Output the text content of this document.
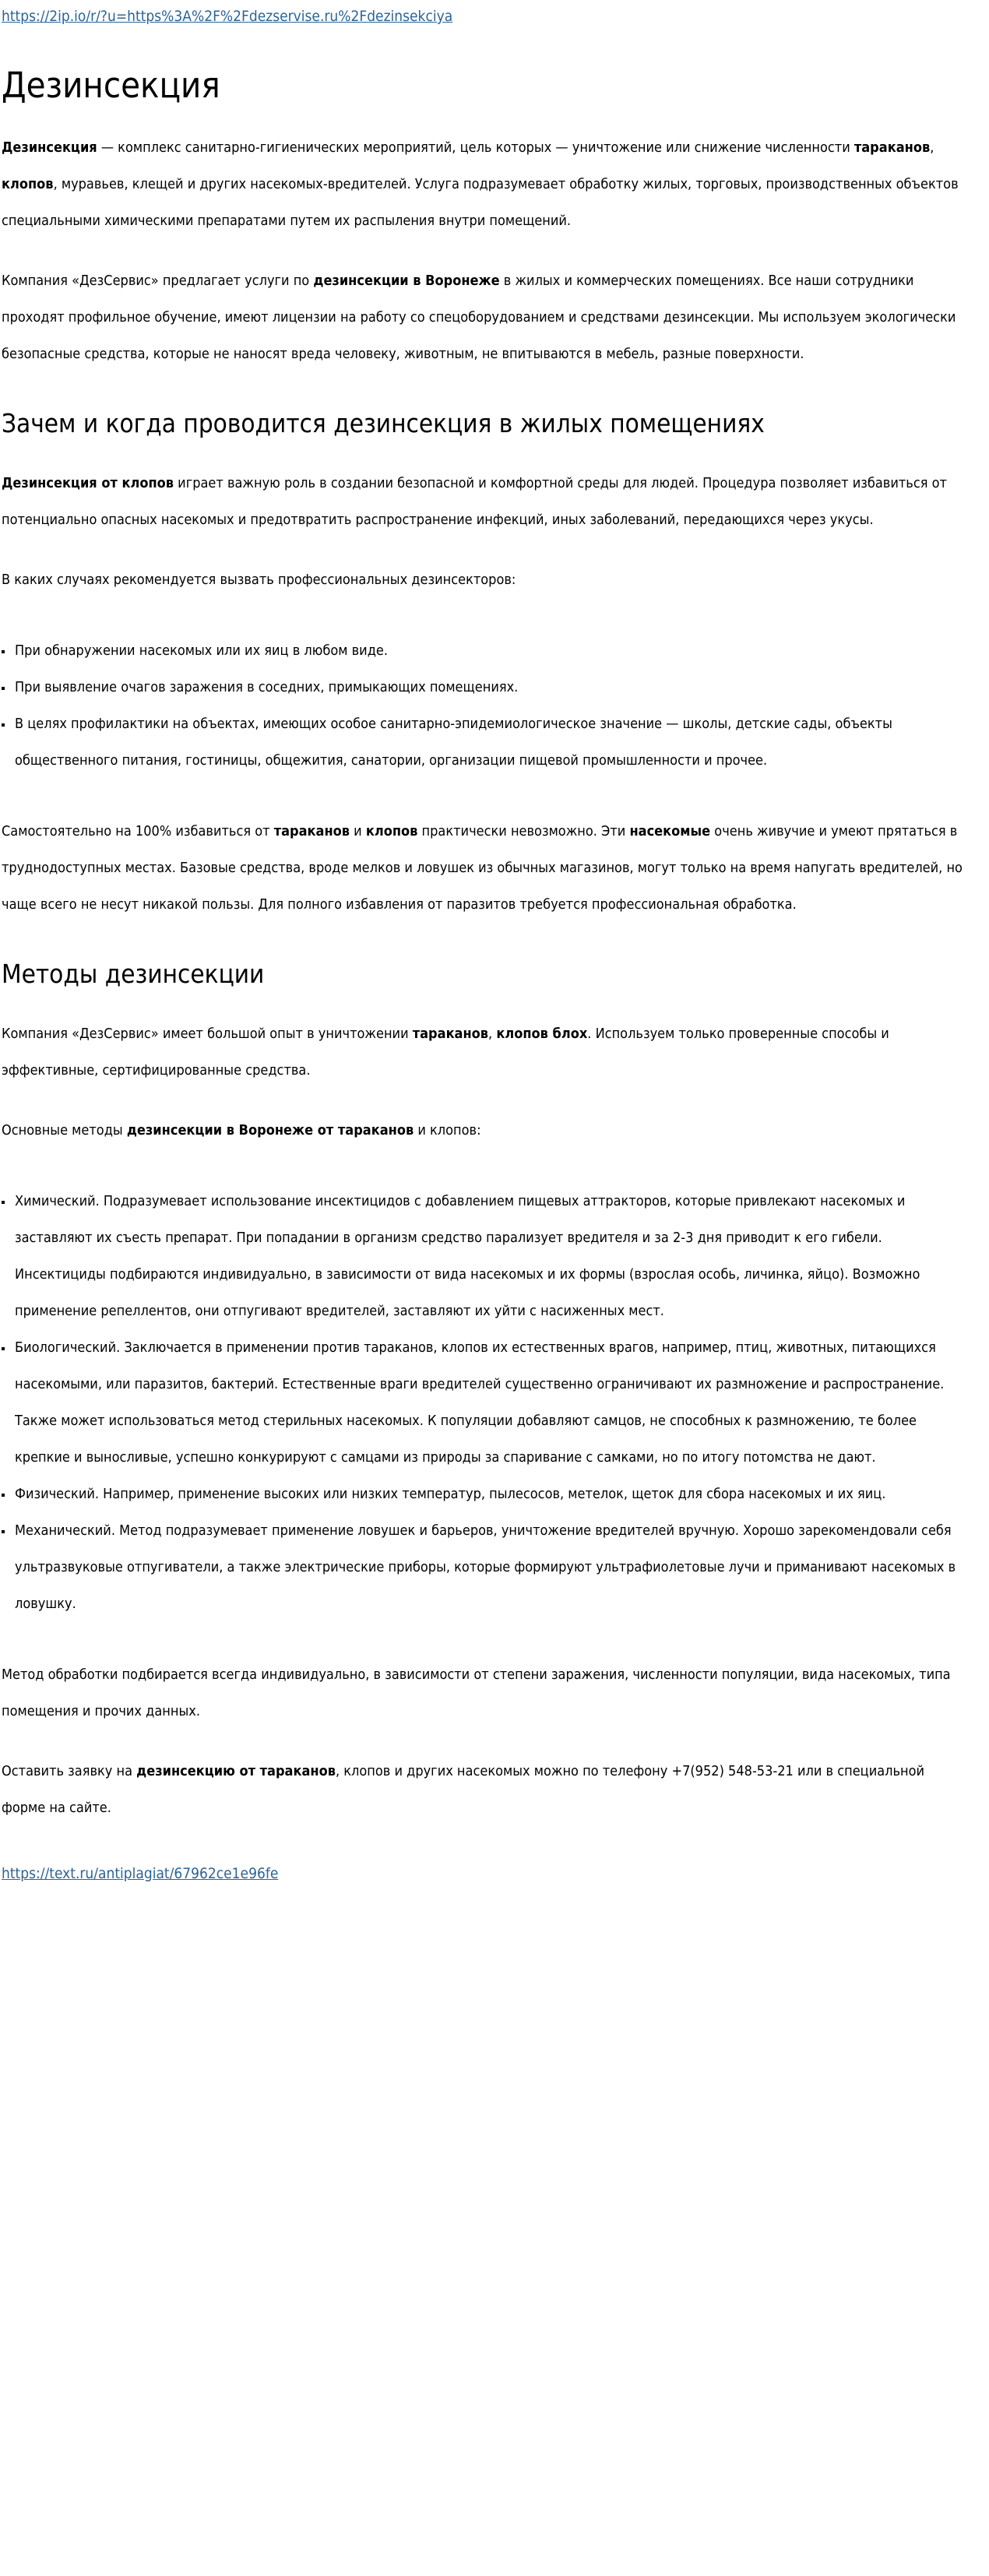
https://2ip.io/r/?u=https%3A%2F%2Fdezservise.ru%2Fdezinsekciya

Дезинсекция

Дезинсекция — комплекс санитарно-гигиенических мероприятий, цель которых — уничтожение или снижение численности тараканов, клопов, муравьев, клещей и других насекомых-вредителей. Услуга подразумевает обработку жилых, торговых, производственных объектов специальными химическими препаратами путем их распыления внутри помещений.

Компания «ДезСервис» предлагает услуги по дезинсекции в Воронеже в жилых и коммерческих помещениях. Все наши сотрудники проходят профильное обучение, имеют лицензии на работу со спецоборудованием и средствами дезинсекции. Мы используем экологически безопасные средства, которые не наносят вреда человеку, животным, не впитываются в мебель, разные поверхности.

Зачем и когда проводится дезинсекция в жилых помещениях

Дезинсекция от клопов играет важную роль в создании безопасной и комфортной среды для людей. Процедура позволяет избавиться от потенциально опасных насекомых и предотвратить распространение инфекций, иных заболеваний, передающихся через укусы.

В каких случаях рекомендуется вызвать профессиональных дезинсекторов:

▪ При обнаружении насекомых или их яиц в любом виде.
▪ При выявление очагов заражения в соседних, примыкающих помещениях.
▪ В целях профилактики на объектах, имеющих особое санитарно-эпидемиологическое значение — школы, детские сады, объекты общественного питания, гостиницы, общежития, санатории, организации пищевой промышленности и прочее.

Самостоятельно на 100% избавиться от тараканов и клопов практически невозможно. Эти насекомые очень живучие и умеют прятаться в труднодоступных местах. Базовые средства, вроде мелков и ловушек из обычных магазинов, могут только на время напугать вредителей, но чаще всего не несут никакой пользы. Для полного избавления от паразитов требуется профессиональная обработка.

Методы дезинсекции

Компания «ДезСервис» имеет большой опыт в уничтожении тараканов, клопов блох. Используем только проверенные способы и эффективные, сертифицированные средства.

Основные методы дезинсекции в Воронеже от тараканов и клопов:

▪ Химический. Подразумевает использование инсектицидов с добавлением пищевых аттракторов, которые привлекают насекомых и заставляют их съесть препарат. При попадании в организм средство парализует вредителя и за 2-3 дня приводит к его гибели. Инсектициды подбираются индивидуально, в зависимости от вида насекомых и их формы (взрослая особь, личинка, яйцо). Возможно применение репеллентов, они отпугивают вредителей, заставляют их уйти с насиженных мест.
▪ Биологический. Заключается в применении против тараканов, клопов их естественных врагов, например, птиц, животных, питающихся насекомыми, или паразитов, бактерий. Естественные враги вредителей существенно ограничивают их размножение и распространение. Также может использоваться метод стерильных насекомых. К популяции добавляют самцов, не способных к размножению, те более крепкие и выносливые, успешно конкурируют с самцами из природы за спаривание с самками, но по итогу потомства не дают.
▪ Физический. Например, применение высоких или низких температур, пылесосов, метелок, щеток для сбора насекомых и их яиц.
▪ Механический. Метод подразумевает применение ловушек и барьеров, уничтожение вредителей вручную. Хорошо зарекомендовали себя ультразвуковые отпугиватели, а также электрические приборы, которые формируют ультрафиолетовые лучи и приманивают насекомых в ловушку.

Метод обработки подбирается всегда индивидуально, в зависимости от степени заражения, численности популяции, вида насекомых, типа помещения и прочих данных.

Оставить заявку на дезинсекцию от тараканов, клопов и других насекомых можно по телефону +7(952) 548-53-21 или в специальной форме на сайте.

https://text.ru/antiplagiat/67962ce1e96fe
